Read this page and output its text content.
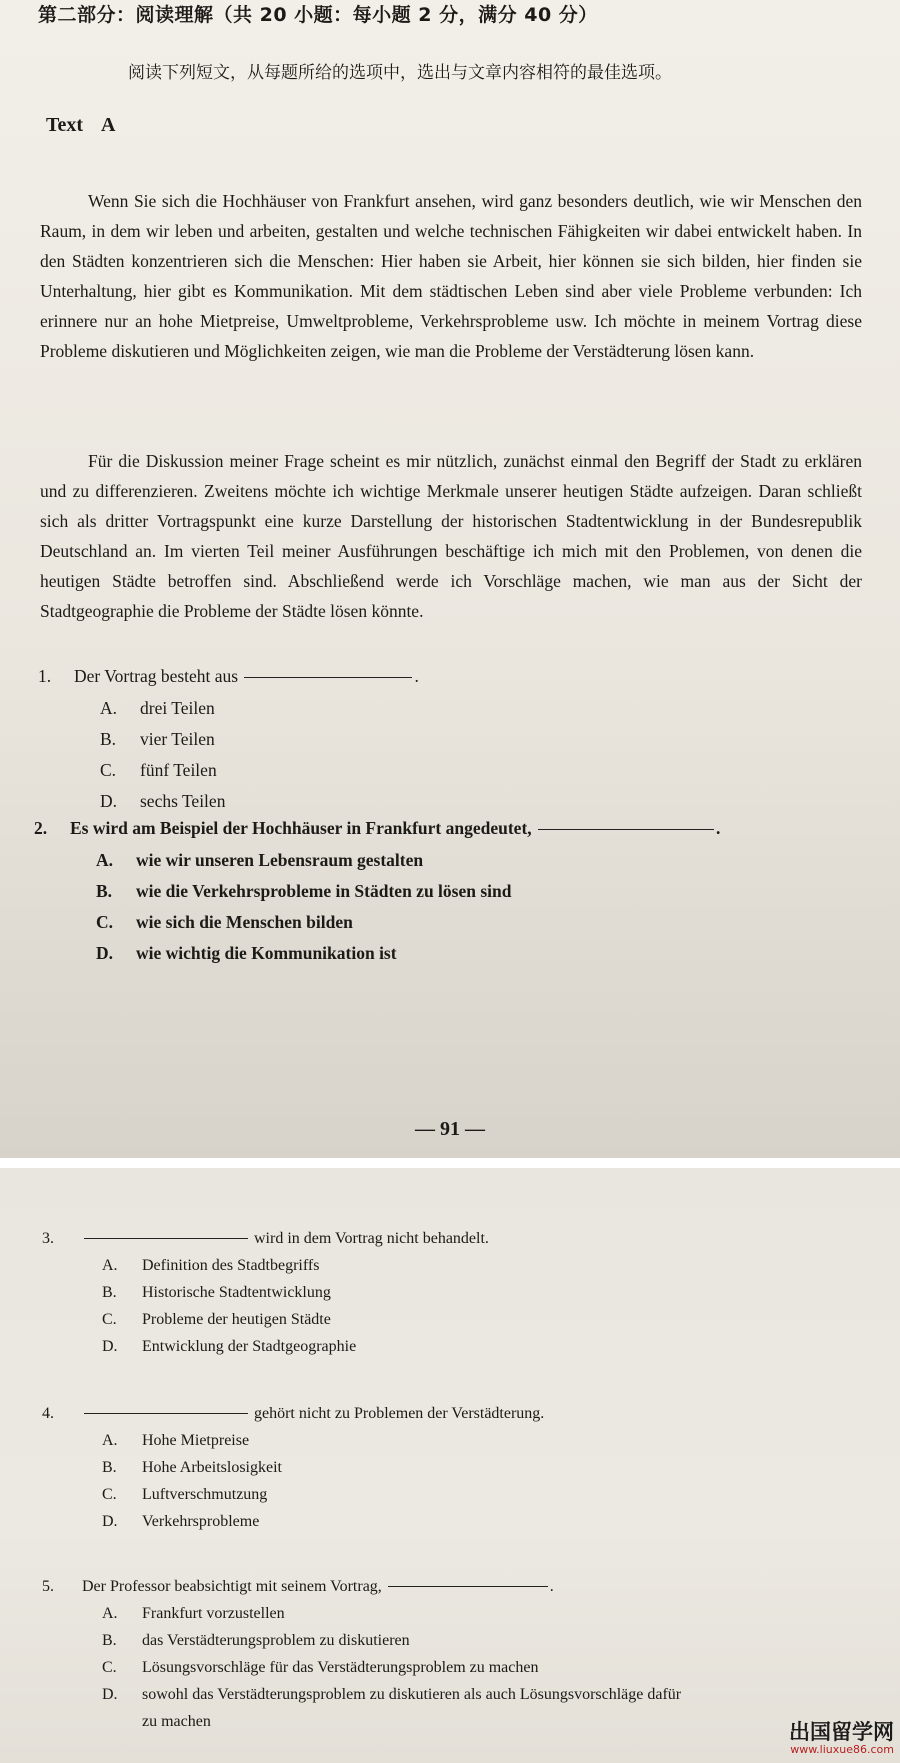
第二部分：阅读理解（共 20 小题：每小题 2 分，满分 40 分）
阅读下列短文，从每题所给的选项中，选出与文章内容相符的最佳选项。
Text A

Wenn Sie sich die Hochhäuser von Frankfurt ansehen, wird ganz besonders deutlich, wie wir Menschen den Raum, in dem wir leben und arbeiten, gestalten und welche technischen Fähigkeiten wir dabei entwickelt haben. In den Städten konzentrieren sich die Menschen: Hier haben sie Arbeit, hier können sie sich bilden, hier finden sie Unterhaltung, hier gibt es Kommunikation. Mit dem städtischen Leben sind aber viele Probleme verbunden: Ich erinnere nur an hohe Mietpreise, Umweltprobleme, Verkehrsprobleme usw. Ich möchte in meinem Vortrag diese Probleme diskutieren und Möglichkeiten zeigen, wie man die Probleme der Verstädterung lösen kann.

Für die Diskussion meiner Frage scheint es mir nützlich, zunächst einmal den Begriff der Stadt zu erklären und zu differenzieren. Zweitens möchte ich wichtige Merkmale unserer heutigen Städte aufzeigen. Daran schließt sich als dritter Vortragspunkt eine kurze Darstellung der historischen Stadtentwicklung in der Bundesrepublik Deutschland an. Im vierten Teil meiner Ausführungen beschäftige ich mich mit den Problemen, von denen die heutigen Städte betroffen sind. Abschließend werde ich Vorschläge machen, wie man aus der Sicht der Stadtgeographie die Probleme der Städte lösen könnte.

1. Der Vortrag besteht aus	.
A. drei Teilen
B. vier Teilen
C. fünf Teilen
D. sechs Teilen
2. Es wird am Beispiel der Hochhäuser in Frankfurt angedeutet,	.
A. wie wir unseren Lebensraum gestalten
B. wie die Verkehrsprobleme in Städten zu lösen sind
C. wie sich die Menschen bilden
D. wie wichtig die Kommunikation ist
— 91 —
3.	wird in dem Vortrag nicht behandelt.
A. Definition des Stadtbegriffs
B. Historische Stadtentwicklung
C. Probleme der heutigen Städte
D. Entwicklung der Stadtgeographie
4.	gehört nicht zu Problemen der Verstädterung.
A. Hohe Mietpreise
B. Hohe Arbeitslosigkeit
C. Luftverschmutzung
D. Verkehrsprobleme
5. Der Professor beabsichtigt mit seinem Vortrag,	.
A. Frankfurt vorzustellen
B. das Verstädterungsproblem zu diskutieren
C. Lösungsvorschläge für das Verstädterungsproblem zu machen
D. sowohl das Verstädterungsproblem zu diskutieren als auch Lösungsvorschläge dafür
zu machen	出国留学网
www.liuxue86.com
